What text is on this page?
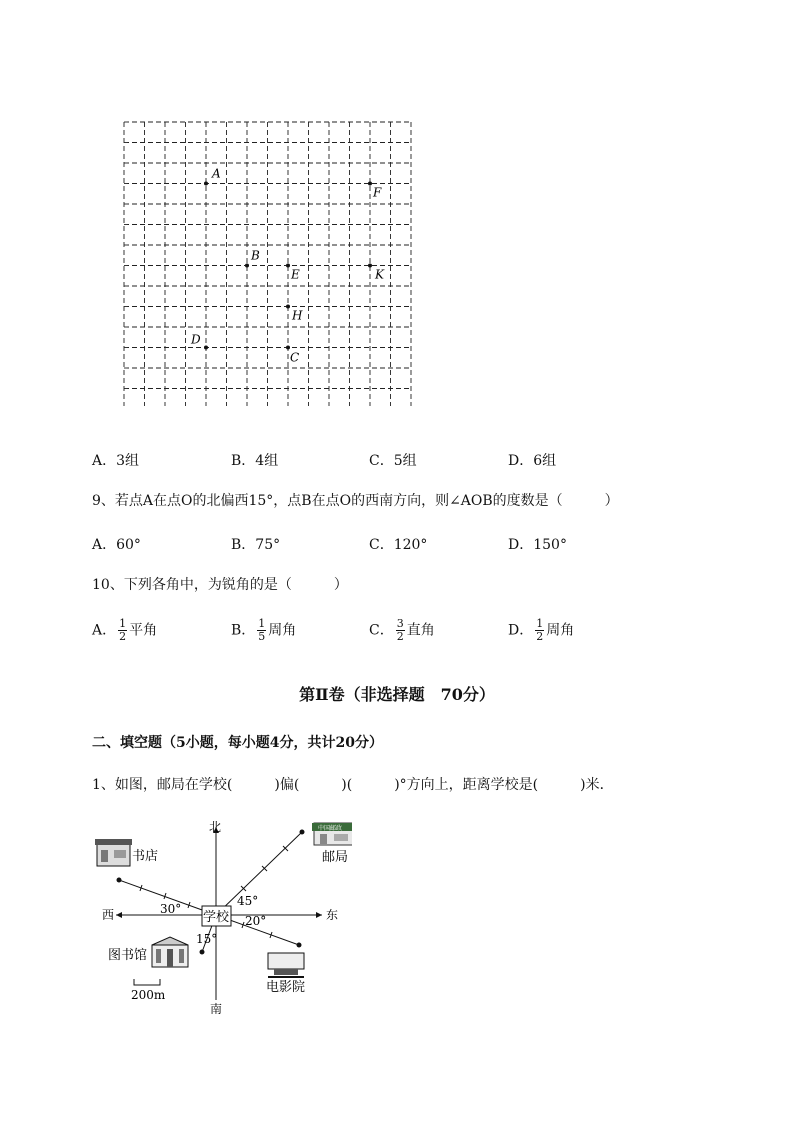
A
F
B
E	K
H
D
C
A．3组	B．4组	C．5组	D．6组
9、若点A在点O的北偏西15°，点B在点O的西南方向，则∠AOB的度数是（　　　）
A．60°	B．75°	C．120°	D．150°
10、下列各角中，为锐角的是（　　　）
A． $\frac{1}{2}$ 平角	B． $\frac{1}{5}$ 周角	C． $\frac{3}{2}$ 直角	D． $\frac{1}{2}$ 周角
第Ⅱ卷（非选择题　70分）
二、填空题（5小题，每小题4分，共计20分）
1、如图，邮局在学校(　　　)偏(　　　)(　　　)°方向上，距离学校是(　　　)米．
北
南
东
西	30°
45°
20°
15°
学校
书店
中国邮政
邮局
图书馆
电影院
200m
